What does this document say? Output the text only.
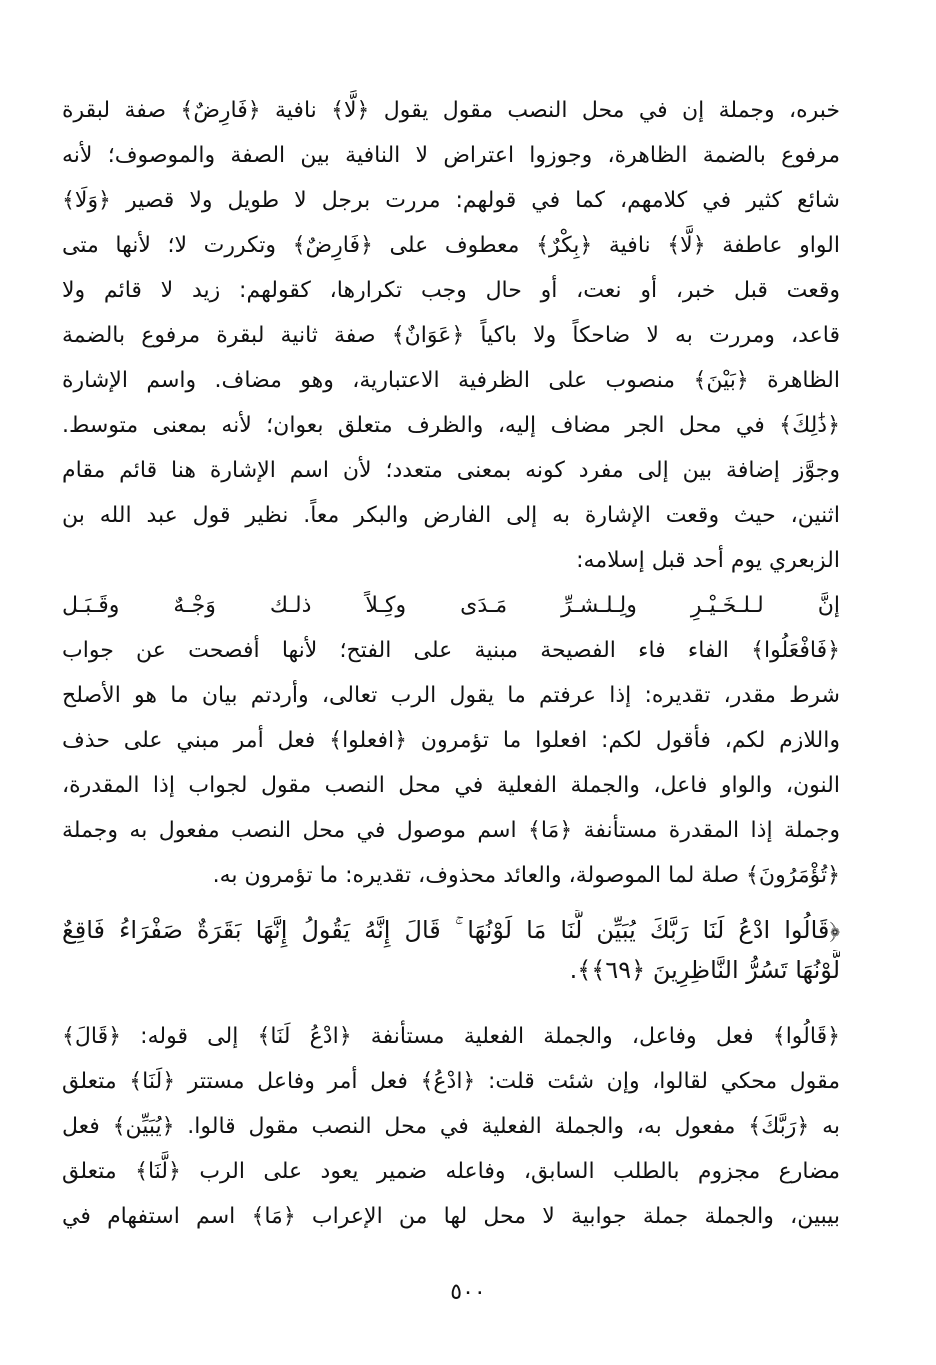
خبره، وجملة إن في محل النصب مقول يقول ﴿لَّا﴾ نافية ﴿فَارِضٌ﴾ صفة لبقرة
مرفوع بالضمة الظاهرة، وجوزوا اعتراض لا النافية بين الصفة والموصوف؛ لأنه
شائع كثير في كلامهم، كما في قولهم: مررت برجل لا طويل ولا قصير ﴿وَلَا﴾
الواو عاطفة ﴿لَّا﴾ نافية ﴿بِكْرٌ﴾ معطوف على ﴿فَارِضٌ﴾ وتكررت لا؛ لأنها متى
وقعت قبل خبر، أو نعت، أو حال وجب تكرارها، كقولهم: زيد لا قائم ولا
قاعد، ومررت به لا ضاحكاً ولا باكياً ﴿عَوَانٌ﴾ صفة ثانية لبقرة مرفوع بالضمة
الظاهرة ﴿بَيْنَ﴾ منصوب على الظرفية الاعتبارية، وهو مضاف. واسم الإشارة
﴿ذَٰلِكَ﴾ في محل الجر مضاف إليه، والظرف متعلق بعوان؛ لأنه بمعنى متوسط.
وجوَّز إضافة بين إلى مفرد كونه بمعنى متعدد؛ لأن اسم الإشارة هنا قائم مقام
اثنين، حيث وقعت الإشارة به إلى الفارض والبكر معاً. نظير قول عبد الله بن
الزبعري يوم أحد قبل إسلامه:
إنَّ لـلـخَـيْـرِ ولِـلـشـرِّ مَـدَى وكِـلاً ذلـك وَجْـهٌ وقَـبَـل
﴿فَافْعَلُوا﴾ الفاء فاء الفصيحة مبنية على الفتح؛ لأنها أفصحت عن جواب
شرط مقدر، تقديره: إذا عرفتم ما يقول الرب تعالى، وأردتم بيان ما هو الأصلح
واللازم لكم، فأقول لكم: افعلوا ما تؤمرون ﴿افعلوا﴾ فعل أمر مبني على حذف
النون، والواو فاعل، والجملة الفعلية في محل النصب مقول لجواب إذا المقدرة،
وجملة إذا المقدرة مستأنفة ﴿مَا﴾ اسم موصول في محل النصب مفعول به وجملة
﴿تُؤْمَرُونَ﴾ صلة لما الموصولة، والعائد محذوف، تقديره: ما تؤمرون به.
﴿قَالُوا ادْعُ لَنَا رَبَّكَ يُبَيِّن لَّنَا مَا لَوْنُهَا ۚ قَالَ إِنَّهُ يَقُولُ إِنَّهَا بَقَرَةٌ صَفْرَاءُ فَاقِعٌ
لَّوْنُهَا تَسُرُّ النَّاظِرِينَ ﴿٦٩﴾﴾.
﴿قَالُوا﴾ فعل وفاعل، والجملة الفعلية مستأنفة ﴿ادْعُ لَنَا﴾ إلى قوله: ﴿قَالَ﴾
مقول محكي لقالوا، وإن شئت قلت: ﴿ادْعُ﴾ فعل أمر وفاعل مستتر ﴿لَنَا﴾ متعلق
به ﴿رَبَّكَ﴾ مفعول به، والجملة الفعلية في محل النصب مقول قالوا. ﴿يُبَيِّن﴾ فعل
مضارع مجزوم بالطلب السابق، وفاعله ضمير يعود على الرب ﴿لَّنَا﴾ متعلق
بيبين، والجملة جملة جوابية لا محل لها من الإعراب ﴿مَا﴾ اسم استفهام في
٥٠٠
